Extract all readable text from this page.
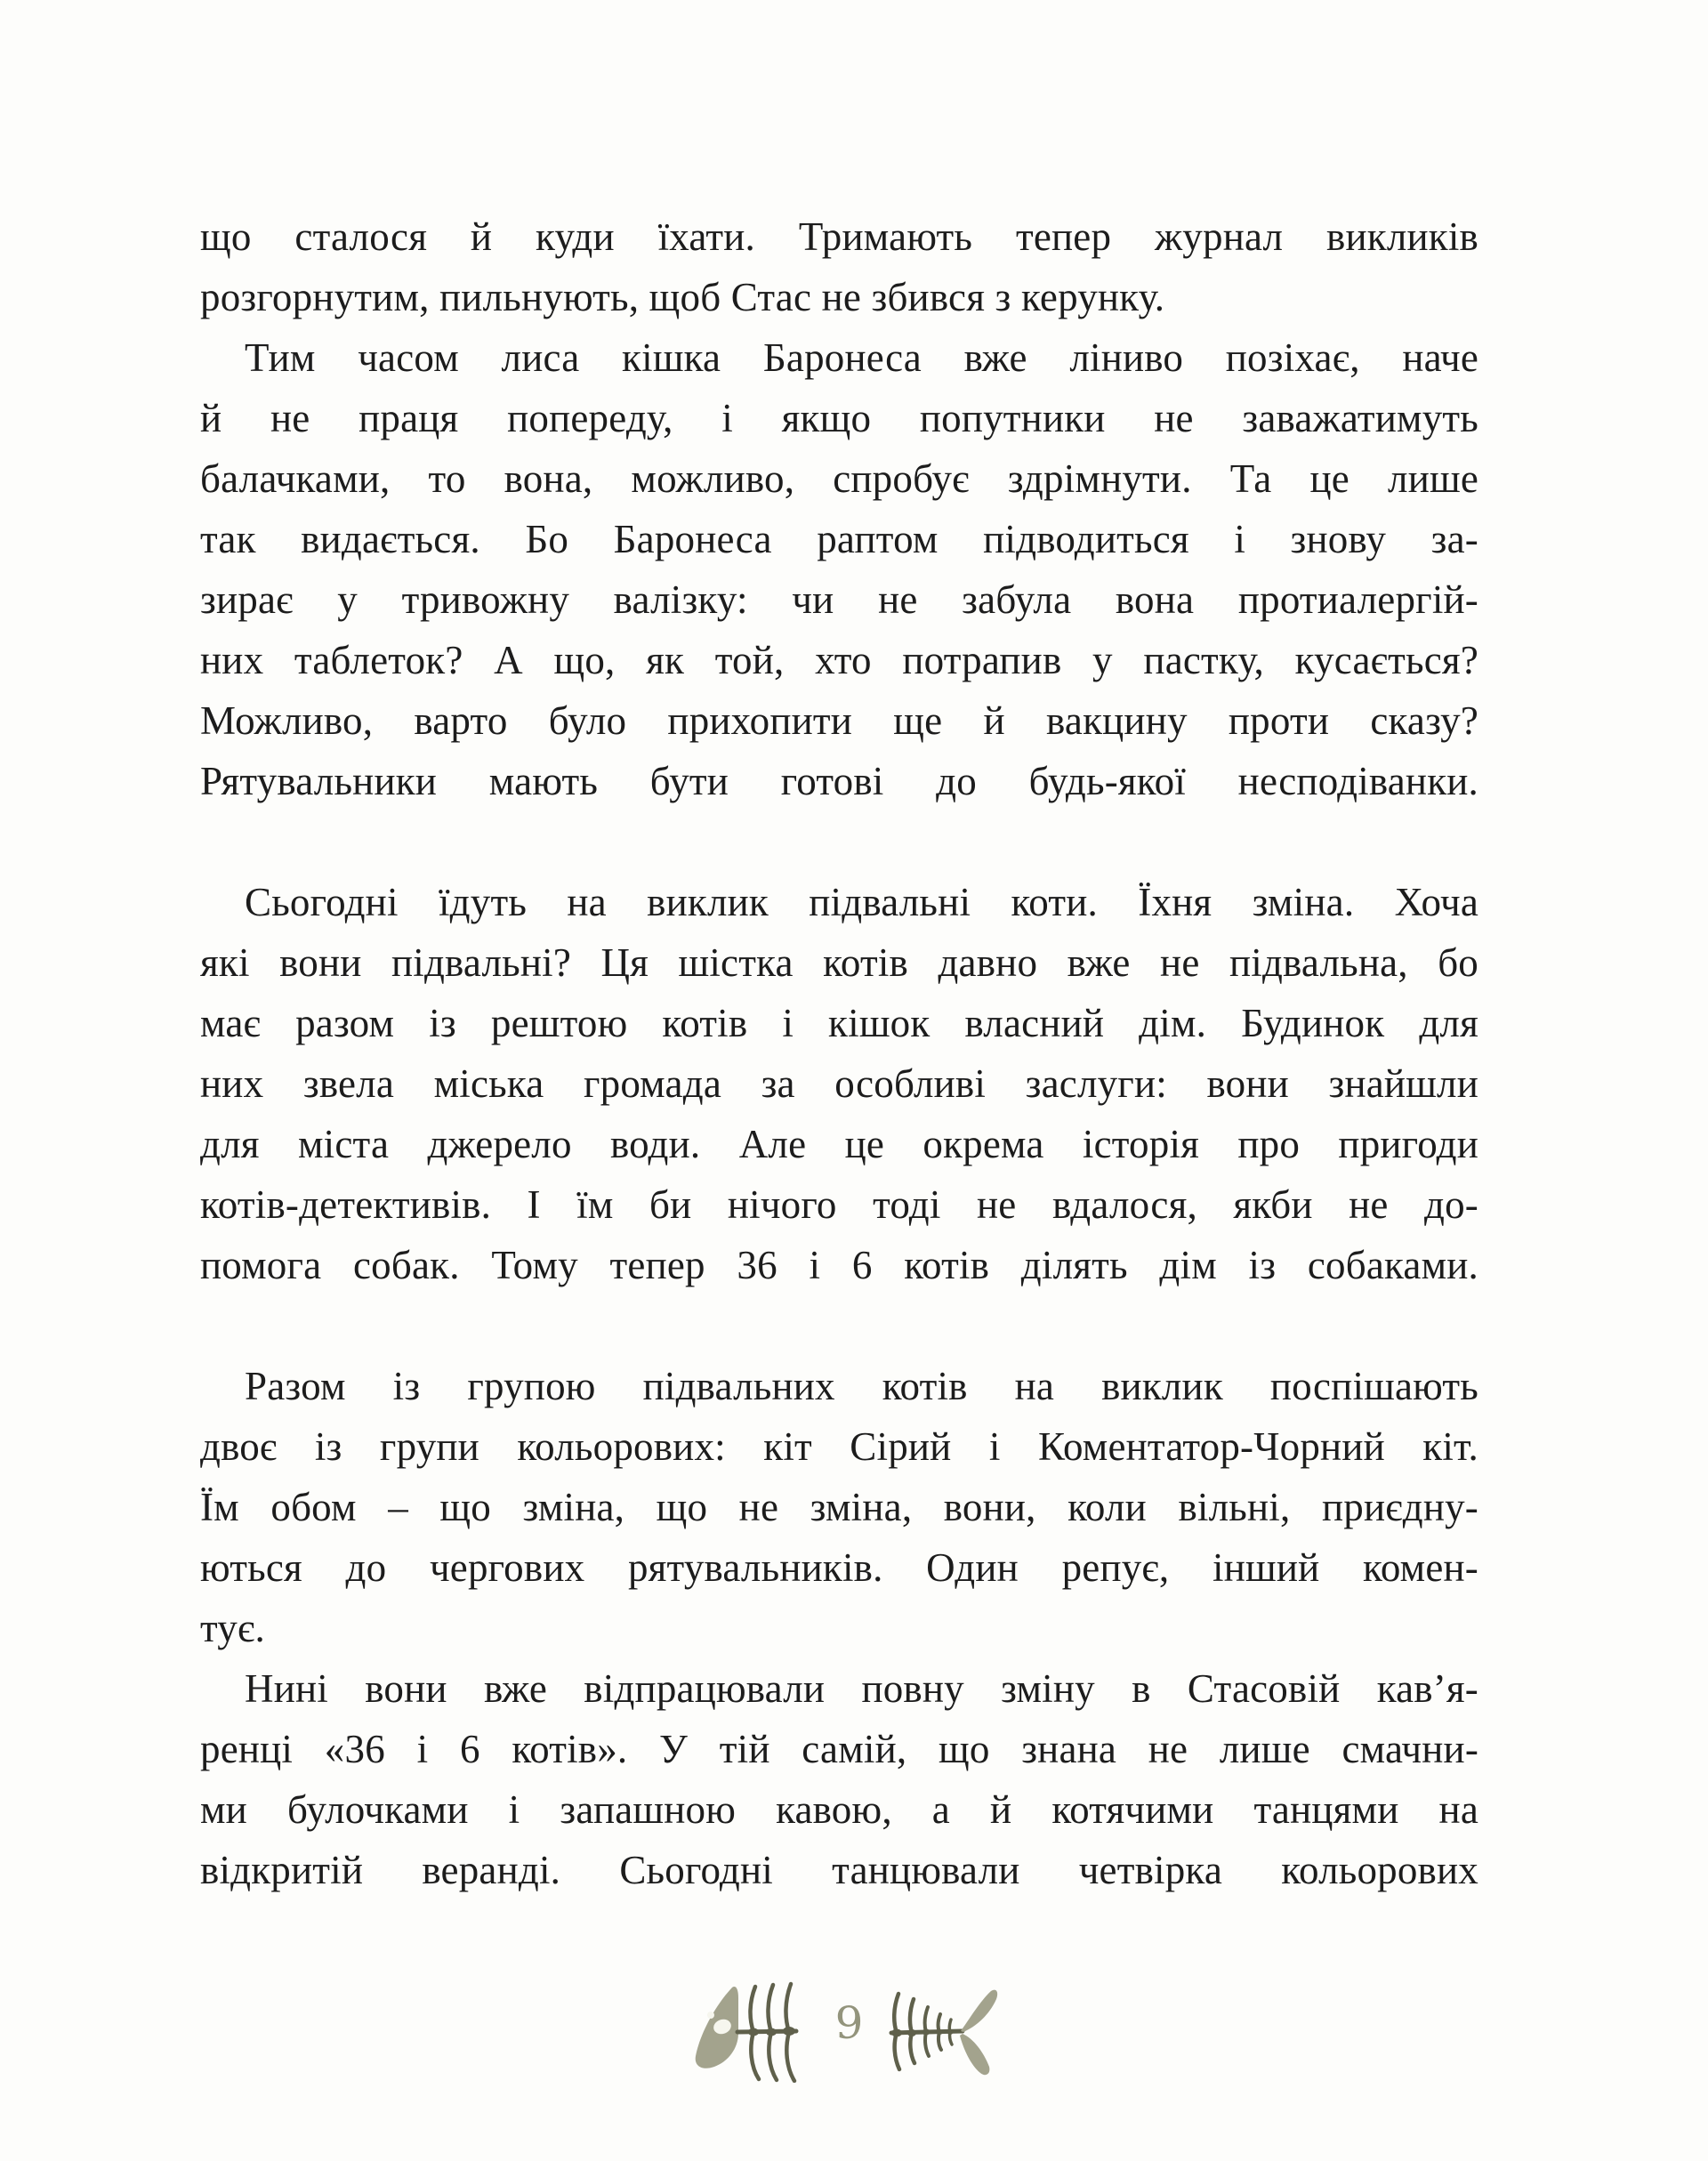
що сталося й куди їхати. Тримають тепер журнал викликів
розгорнутим, пильнують, щоб Стас не збився з керунку.
Тим часом лиса кішка Баронеса вже ліниво позіхає, наче
й не праця попереду, і якщо попутники не заважатимуть
балачками, то вона, можливо, спробує здрімнути. Та це лише
так видається. Бо Баронеса раптом підводиться і знову за-
зирає у тривожну валізку: чи не забула вона протиалергій-
них таблеток? А що, як той, хто потрапив у пастку, кусається?
Можливо, варто було прихопити ще й вакцину проти сказу?
Рятувальники мають бути готові до будь-якої несподіванки.
Сьогодні їдуть на виклик підвальні коти. Їхня зміна. Хоча
які вони підвальні? Ця шістка котів давно вже не підвальна, бо
має разом із рештою котів і кішок власний дім. Будинок для
них звела міська громада за особливі заслуги: вони знайшли
для міста джерело води. Але це окрема історія про пригоди
котів-детективів. І їм би нічого тоді не вдалося, якби не до-
помога собак. Тому тепер 36 і 6 котів ділять дім із собаками.
Разом із групою підвальних котів на виклик поспішають
двоє із групи кольорових: кіт Сірий і Коментатор-Чорний кіт.
Їм обом – що зміна, що не зміна, вони, коли вільні, приєдну-
ються до чергових рятувальників. Один репує, інший комен-
тує.
Нині вони вже відпрацювали повну зміну в Стасовій кав’я-
ренці «36 і 6 котів». У тій самій, що знана не лише смачни-
ми булочками і запашною кавою, а й котячими танцями на
відкритій веранді. Сьогодні танцювали четвірка кольорових
9
